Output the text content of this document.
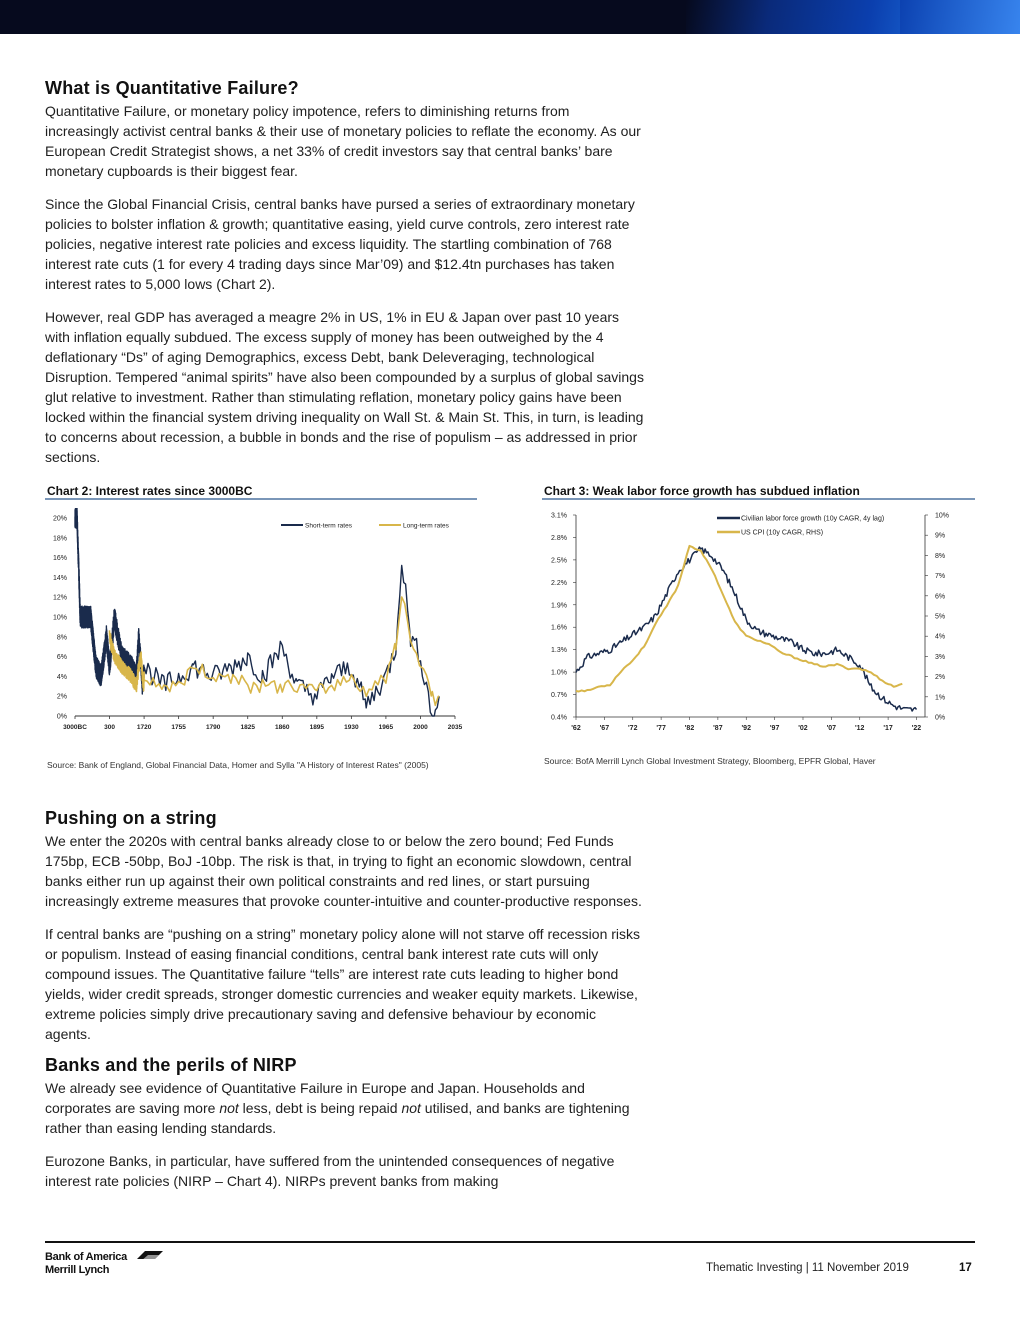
What is Quantitative Failure?

Quantitative Failure, or monetary policy impotence, refers to diminishing returns from increasingly activist central banks & their use of monetary policies to reflate the economy. As our European Credit Strategist shows, a net 33% of credit investors say that central banks’ bare monetary cupboards is their biggest fear.

Since the Global Financial Crisis, central banks have pursed a series of extraordinary monetary policies to bolster inflation & growth; quantitative easing, yield curve controls, zero interest rate policies, negative interest rate policies and excess liquidity. The startling combination of 768 interest rate cuts (1 for every 4 trading days since Mar’09) and $12.4tn purchases has taken interest rates to 5,000 lows (Chart 2).

However, real GDP has averaged a meagre 2% in US, 1% in EU & Japan over past 10 years with inflation equally subdued. The excess supply of money has been outweighed by the 4 deflationary “Ds” of aging Demographics, excess Debt, bank Deleveraging, technological Disruption. Tempered “animal spirits” have also been compounded by a surplus of global savings glut relative to investment. Rather than stimulating reflation, monetary policy gains have been locked within the financial system driving inequality on Wall St. & Main St. This, in turn, is leading to concerns about recession, a bubble in bonds and the rise of populism – as addressed in prior sections.

Chart 2: Interest rates since 3000BC
0%
2%
4%
6%
8%
10%
12%
14%
16%
18%
20%
3000BC	300	1720	1755	1790	1825	1860	1895	1930	1965	2000	2035
Short-term rates	Long-term rates
Source: Bank of England, Global Financial Data, Homer and Sylla "A History of Interest Rates" (2005)
Chart 3: Weak labor force growth has subdued inflation
0.4%
0.7%
1.0%
1.3%
1.6%
1.9%
2.2%
2.5%
2.8%
3.1%
0%
1%
2%
3%
4%
5%
6%
7%
8%
9%
10%
'62	'67	'72	'77	'82	'87	'92	'97	'02	'07	'12	'17	'22
Civilian labor force growth (10y CAGR, 4y lag)
US CPI (10y CAGR, RHS)
Source: BofA Merrill Lynch Global Investment Strategy, Bloomberg, EPFR Global, Haver
Pushing on a string

We enter the 2020s with central banks already close to or below the zero bound; Fed Funds 175bp, ECB -50bp, BoJ -10bp. The risk is that, in trying to fight an economic slowdown, central banks either run up against their own political constraints and red lines, or start pursuing increasingly extreme measures that provoke counter-intuitive and counter-productive responses.

If central banks are “pushing on a string” monetary policy alone will not starve off recession risks or populism. Instead of easing financial conditions, central bank interest rate cuts will only compound issues. The Quantitative failure “tells” are interest rate cuts leading to higher bond yields, wider credit spreads, stronger domestic currencies and weaker equity markets. Likewise, extreme policies simply drive precautionary saving and defensive behaviour by economic agents.

Banks and the perils of NIRP

We already see evidence of Quantitative Failure in Europe and Japan. Households and corporates are saving more not less, debt is being repaid not utilised, and banks are tightening rather than easing lending standards.

Eurozone Banks, in particular, have suffered from the unintended consequences of negative interest rate policies (NIRP – Chart 4). NIRPs prevent banks from making

Bank of America
Merrill Lynch	Thematic Investing | 11 November 2019	17
